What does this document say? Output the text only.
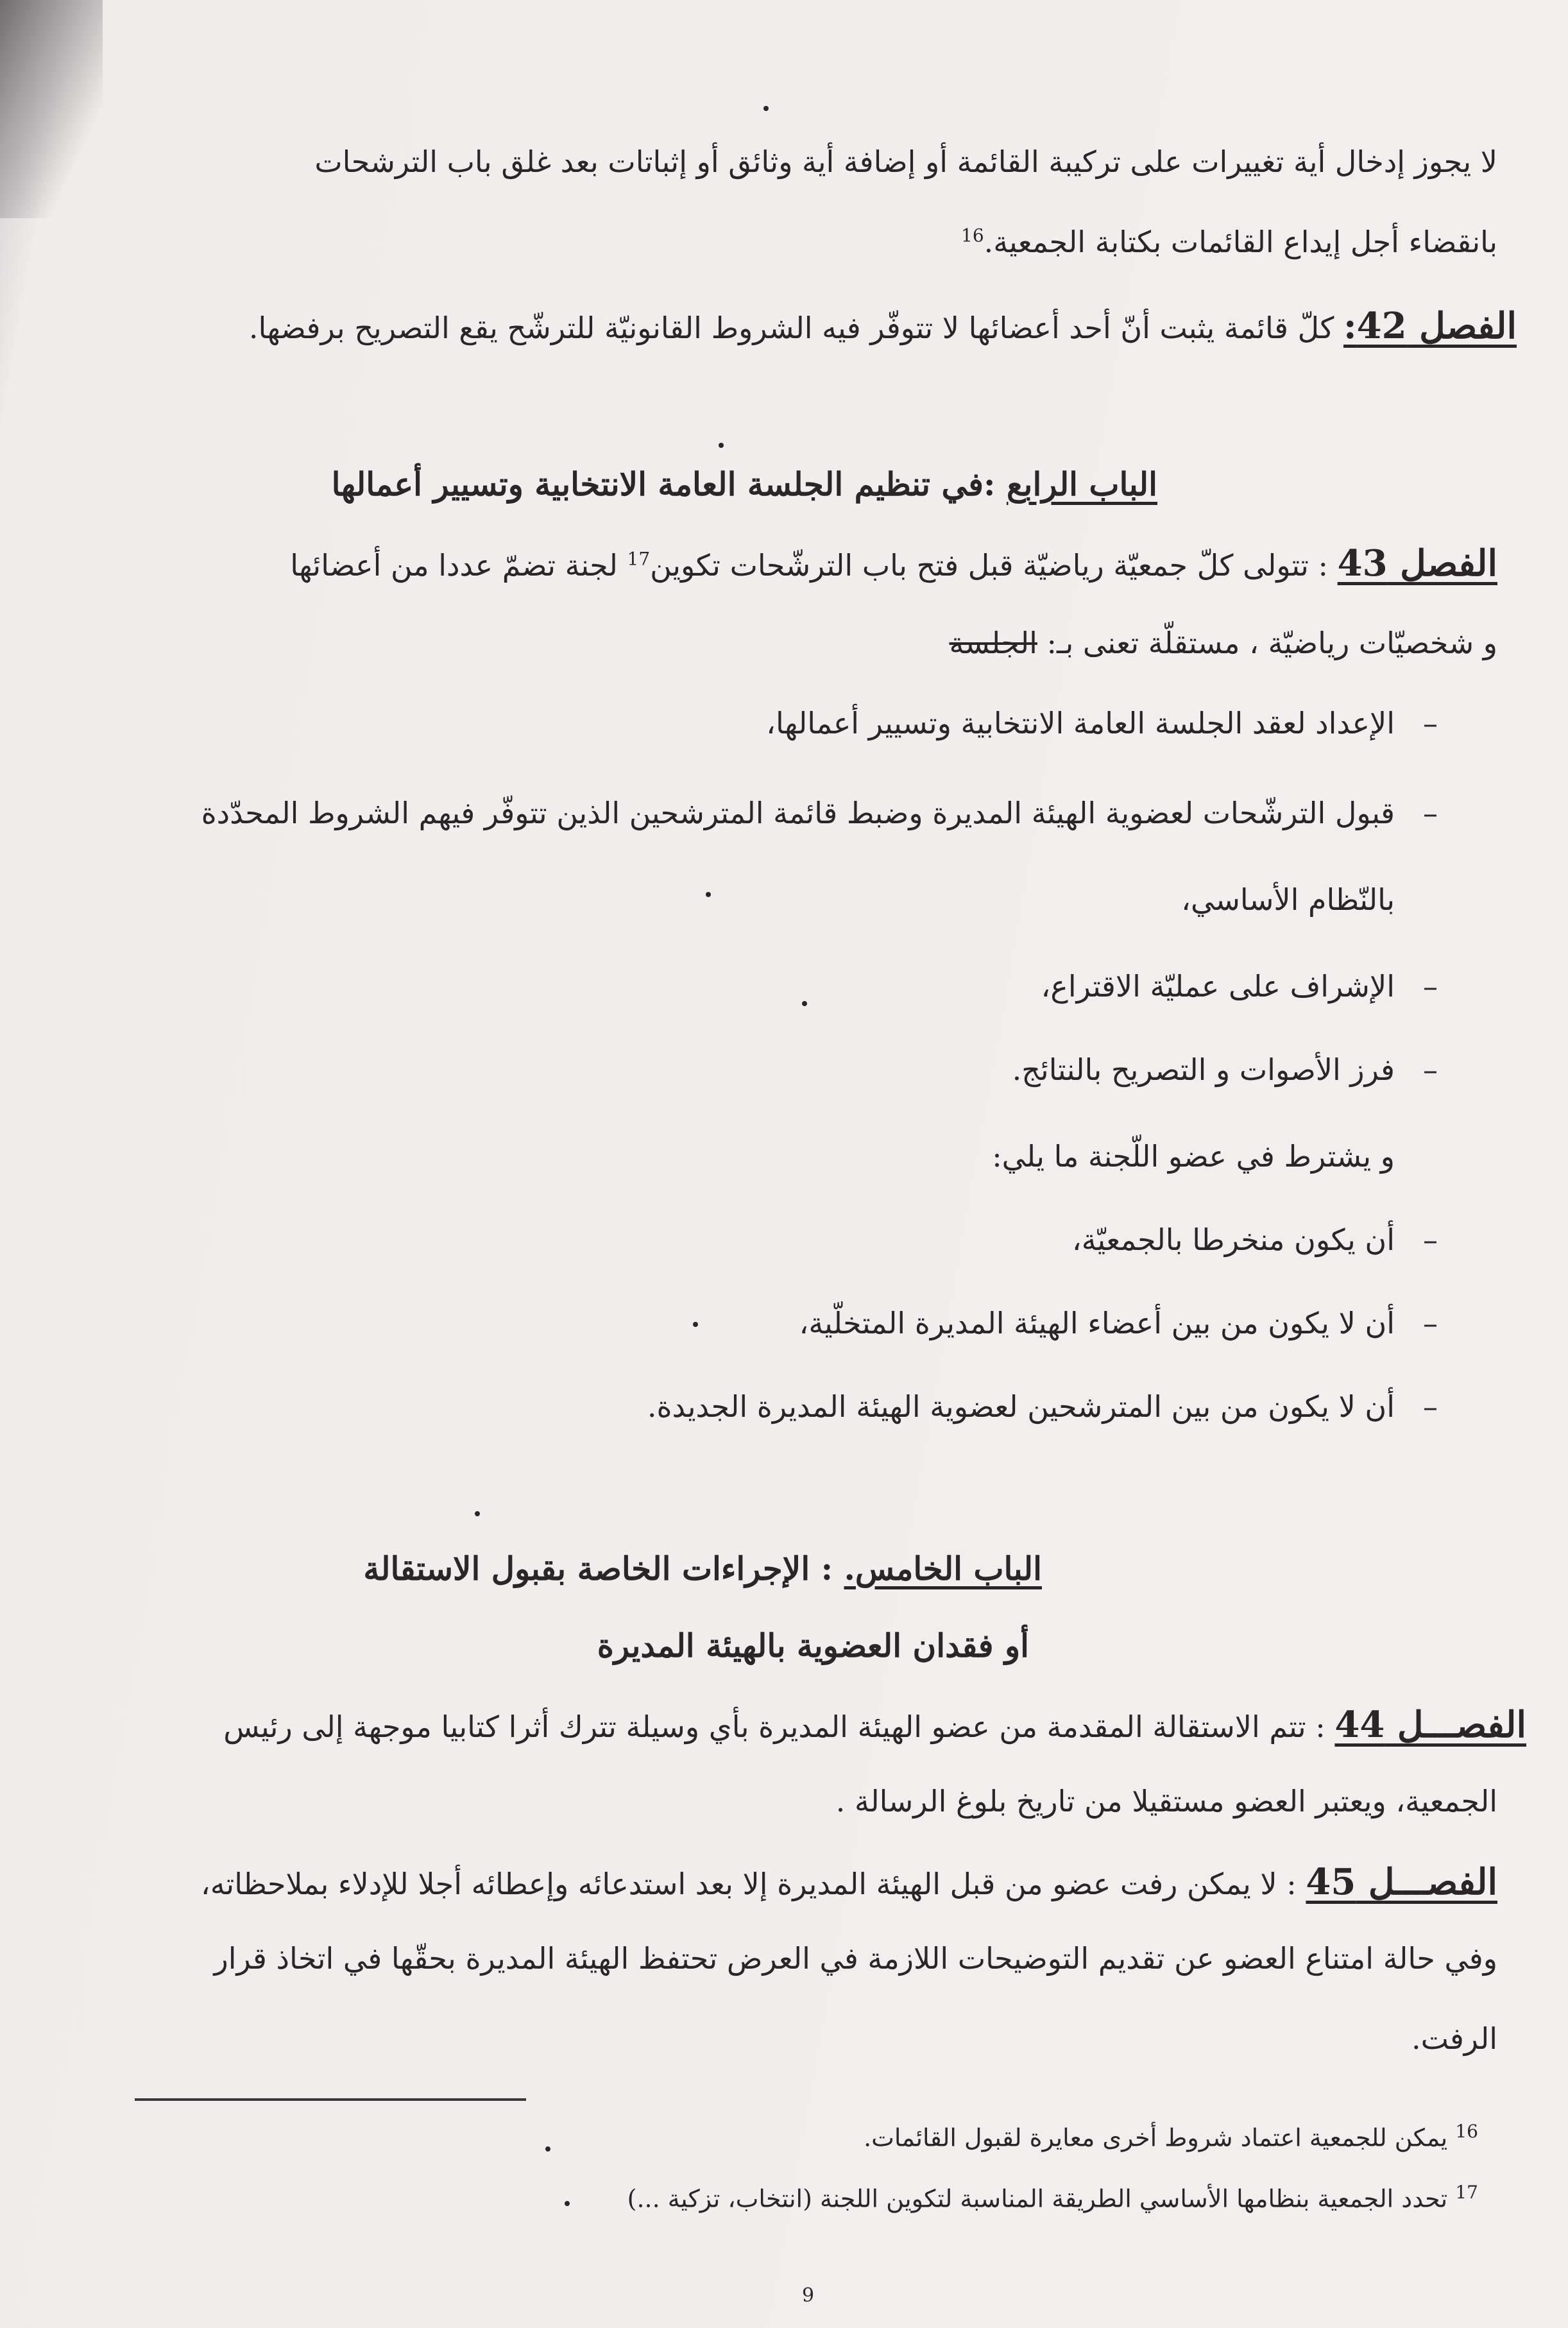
لا يجوز إدخال أية تغييرات على تركيبة القائمة أو إضافة أية وثائق أو إثباتات بعد غلق باب الترشحات
بانقضاء أجل إيداع القائمات بكتابة الجمعية.$^{16}$
الفصل 42: كلّ قائمة يثبت أنّ أحد أعضائها لا تتوفّر فيه الشروط القانونيّة للترشّح يقع التصريح برفضها.
الباب الرابع :في تنظيم الجلسة العامة الانتخابية وتسيير أعمالها
الفصل 43 : تتولى كلّ جمعيّة رياضيّة قبل فتح باب الترشّحات تكوين$^{17}$ لجنة تضمّ عددا من أعضائها
و شخصيّات رياضيّة ، مستقلّة تعنى بـ: الجلسة
–
الإعداد لعقد الجلسة العامة الانتخابية وتسيير أعمالها،
–
قبول الترشّحات لعضوية الهيئة المديرة وضبط قائمة المترشحين الذين تتوفّر فيهم الشروط المحدّدة
بالنّظام الأساسي،
–
الإشراف على عمليّة الاقتراع،
–
فرز الأصوات و التصريح بالنتائج.
و يشترط في عضو اللّجنة ما يلي:
–
أن يكون منخرطا بالجمعيّة،
–
أن لا يكون من بين أعضاء الهيئة المديرة المتخلّية،
–
أن لا يكون من بين المترشحين لعضوية الهيئة المديرة الجديدة.
الباب الخامس. : الإجراءات الخاصة بقبول الاستقالة
أو فقدان العضوية بالهيئة المديرة
الفصـــل 44 : تتم الاستقالة المقدمة من عضو الهيئة المديرة بأي وسيلة تترك أثرا كتابيا موجهة إلى رئيس
الجمعية، ويعتبر العضو مستقيلا من تاريخ بلوغ الرسالة .
الفصـــل 45 : لا يمكن رفت عضو من قبل الهيئة المديرة إلا بعد استدعائه وإعطائه أجلا للإدلاء بملاحظاته،
وفي حالة امتناع العضو عن تقديم التوضيحات اللازمة في العرض تحتفظ الهيئة المديرة بحقّها في اتخاذ قرار
الرفت.
$^{16}$ يمكن للجمعية اعتماد شروط أخرى معايرة لقبول القائمات.
$^{17}$ تحدد الجمعية بنظامها الأساسي الطريقة المناسبة لتكوين اللجنة (انتخاب، تزكية ...)
9
